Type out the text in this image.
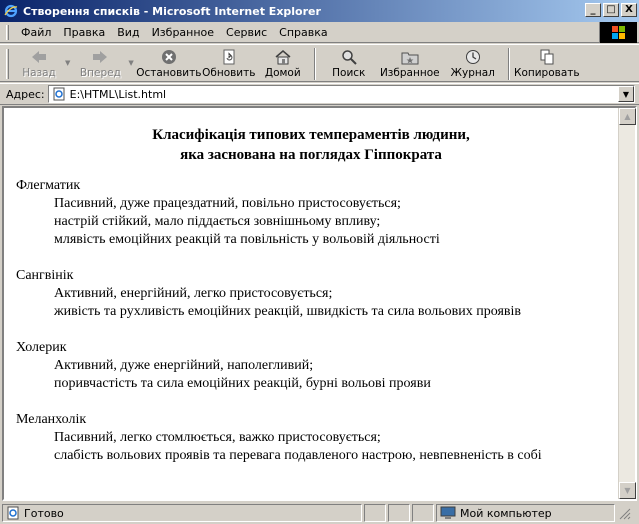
Створення списків - Microsoft Internet Explorer	_	□ X
Файл	Правка	Вид	Избранное	Сервис	Справка
Назад
▼
Вперед
▼
Остановить Обновить Домой	Поиск Избранное Журнал Копировать
Адрес:
E:\HTML\List.html	▼
Класифікація типових темпераментів людини,
яка заснована на поглядах Гіппократа
Флегматик
Пасивний, дуже працездатний, повільно пристосовується;
настрій стійкий, мало піддається зовнішньому впливу;
млявість емоційних реакцій та повільність у вольовій діяльності
Сангвінік
Активний, енергійний, легко пристосовується;
живість та рухливість емоційних реакцій, швидкість та сила вольових проявів
Холерик
Активний, дуже енергійний, наполегливий;
поривчастість та сила емоційних реакцій, бурні вольові прояви
Меланхолік
Пасивний, легко стомлюється, важко пристосовується;
слабість вольових проявів та перевага подавленого настрою, невпевненість в собі
▲
▼
Готово	Мой компьютер
